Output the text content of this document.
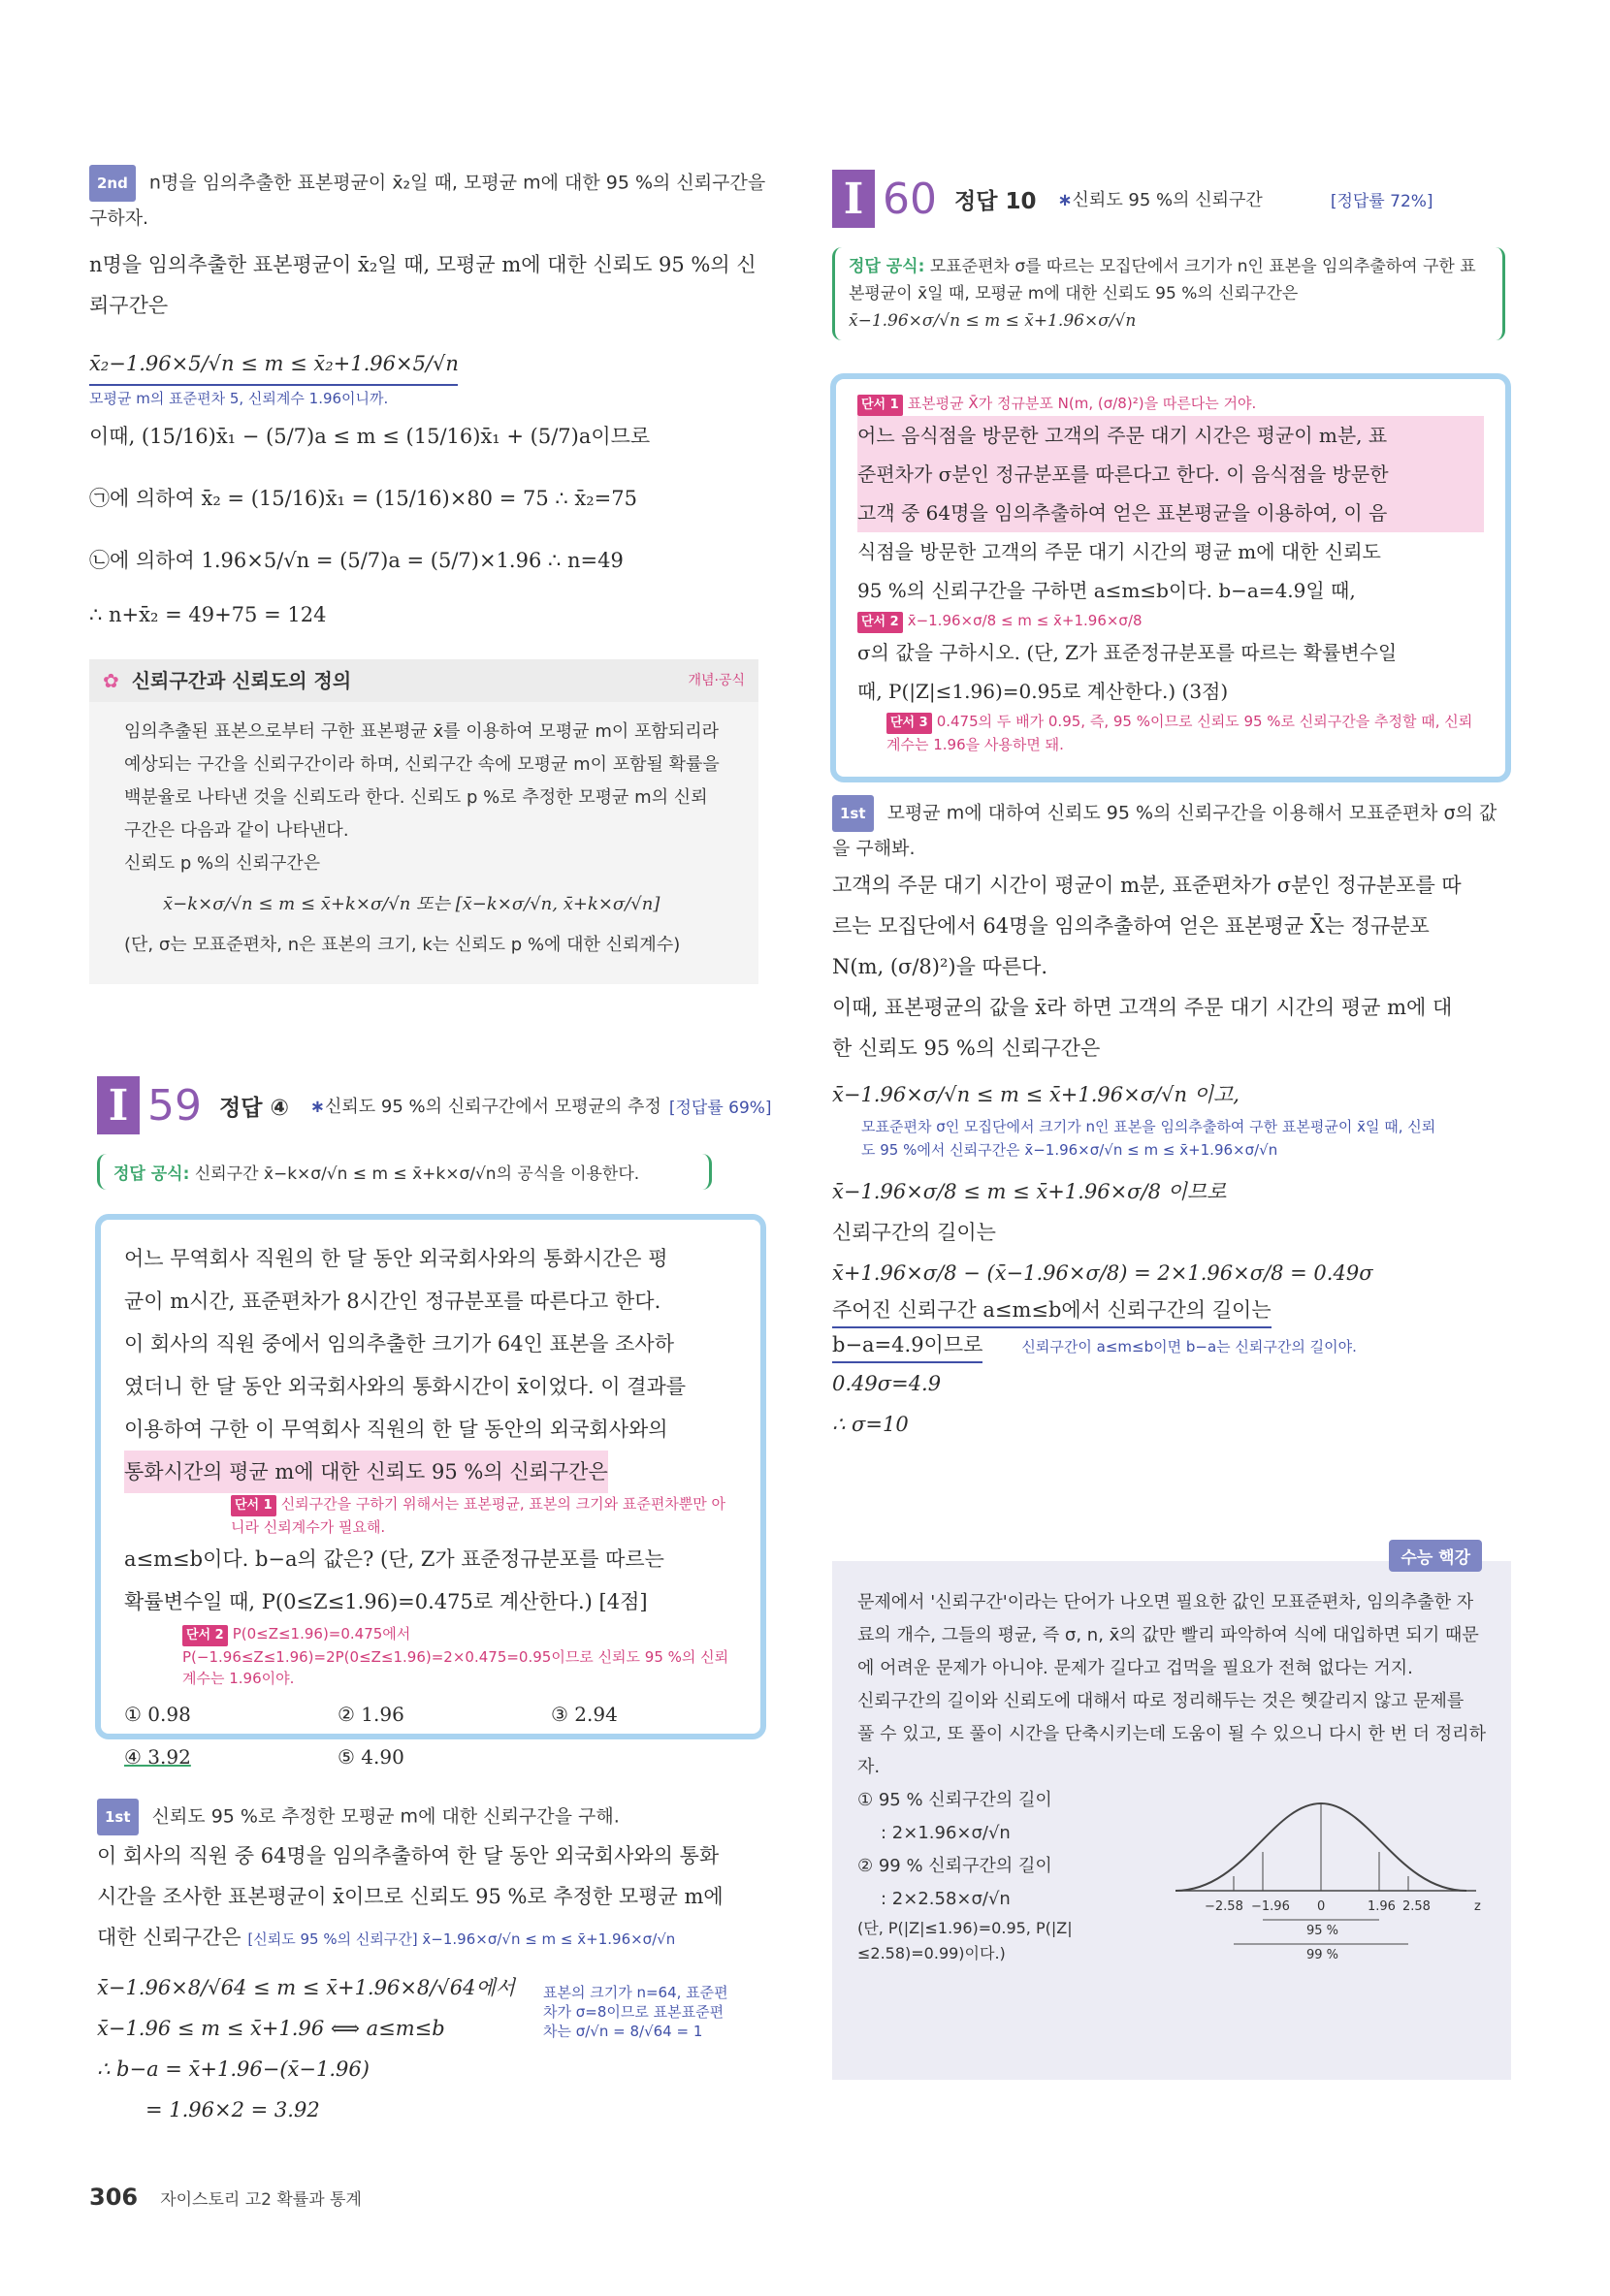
2nd n명을 임의추출한 표본평균이 x̄₂일 때, 모평균 m에 대한 95 %의 신뢰구간을 구하자.

n명을 임의추출한 표본평균이 x̄₂일 때, 모평균 m에 대한 신뢰도 95 %의 신뢰구간은

x̄₂−1.96×5/√n ≤ m ≤ x̄₂+1.96×5/√n

모평균 m의 표준편차 5, 신뢰계수 1.96이니까.

이때, (15/16)x̄₁ − (5/7)a ≤ m ≤ (15/16)x̄₁ + (5/7)a이므로

㉠에 의하여 x̄₂ = (15/16)x̄₁ = (15/16)×80 = 75 ∴ x̄₂=75

㉡에 의하여 1.96×5/√n = (5/7)a = (5/7)×1.96 ∴ n=49

∴ n+x̄₂ = 49+75 = 124

✿ 신뢰구간과 신뢰도의 정의	개념·공식
임의추출된 표본으로부터 구한 표본평균 x̄를 이용하여 모평균 m이 포함되리라 예상되는 구간을 신뢰구간이라 하며, 신뢰구간 속에 모평균 m이 포함될 확률을 백분율로 나타낸 것을 신뢰도라 한다. 신뢰도 p %로 추정한 모평균 m의 신뢰구간은 다음과 같이 나타낸다.
신뢰도 p %의 신뢰구간은
x̄−k×σ/√n ≤ m ≤ x̄+k×σ/√n 또는 [x̄−k×σ/√n, x̄+k×σ/√n]
(단, σ는 모표준편차, n은 표본의 크기, k는 신뢰도 p %에 대한 신뢰계수)
I 59 정답 ④ ∗신뢰도 95 %의 신뢰구간에서 모평균의 추정 [정답률 69%]
정답 공식: 신뢰구간 x̄−k×σ/√n ≤ m ≤ x̄+k×σ/√n의 공식을 이용한다.
어느 무역회사 직원의 한 달 동안 외국회사와의 통화시간은 평
균이 m시간, 표준편차가 8시간인 정규분포를 따른다고 한다.
이 회사의 직원 중에서 임의추출한 크기가 64인 표본을 조사하
였더니 한 달 동안 외국회사와의 통화시간이 x̄이었다. 이 결과를
이용하여 구한 이 무역회사 직원의 한 달 동안의 외국회사와의
통화시간의 평균 m에 대한 신뢰도 95 %의 신뢰구간은
단서 1 신뢰구간을 구하기 위해서는 표본평균, 표본의 크기와 표준편차뿐만 아니라 신뢰계수가 필요해.
a≤m≤b이다. b−a의 값은? (단, Z가 표준정규분포를 따르는
확률변수일 때, P(0≤Z≤1.96)=0.475로 계산한다.) [4점]
단서 2 P(0≤Z≤1.96)=0.475에서 P(−1.96≤Z≤1.96)=2P(0≤Z≤1.96)=2×0.475=0.95이므로 신뢰도 95 %의 신뢰계수는 1.96이야.
① 0.98	② 1.96	③ 2.94
④ 3.92	⑤ 4.90
1st 신뢰도 95 %로 추정한 모평균 m에 대한 신뢰구간을 구해.

이 회사의 직원 중 64명을 임의추출하여 한 달 동안 외국회사와의 통화

시간을 조사한 표본평균이 x̄이므로 신뢰도 95 %로 추정한 모평균 m에

대한 신뢰구간은 [신뢰도 95 %의 신뢰구간] x̄−1.96×σ/√n ≤ m ≤ x̄+1.96×σ/√n

x̄−1.96×8/√64 ≤ m ≤ x̄+1.96×8/√64에서

x̄−1.96 ≤ m ≤ x̄+1.96 ⟺ a≤m≤b

표본의 크기가 n=64, 표준편차가 σ=8이므로 표본표준편차는 σ/√n = 8/√64 = 1

∴ b−a = x̄+1.96−(x̄−1.96)

= 1.96×2 = 3.92

I 60 정답 10 ∗신뢰도 95 %의 신뢰구간	[정답률 72%]
정답 공식: 모표준편차 σ를 따르는 모집단에서 크기가 n인 표본을 임의추출하여 구한 표본평균이 x̄일 때, 모평균 m에 대한 신뢰도 95 %의 신뢰구간은
x̄−1.96×σ/√n ≤ m ≤ x̄+1.96×σ/√n
단서 1 표본평균 X̄가 정규분포 N(m, (σ/8)²)을 따른다는 거야.
어느 음식점을 방문한 고객의 주문 대기 시간은 평균이 m분, 표
준편차가 σ분인 정규분포를 따른다고 한다. 이 음식점을 방문한
고객 중 64명을 임의추출하여 얻은 표본평균을 이용하여, 이 음
식점을 방문한 고객의 주문 대기 시간의 평균 m에 대한 신뢰도
95 %의 신뢰구간을 구하면 a≤m≤b이다. b−a=4.9일 때,
단서 2 x̄−1.96×σ/8 ≤ m ≤ x̄+1.96×σ/8
σ의 값을 구하시오. (단, Z가 표준정규분포를 따르는 확률변수일
때, P(|Z|≤1.96)=0.95로 계산한다.) (3점)
단서 3 0.475의 두 배가 0.95, 즉, 95 %이므로 신뢰도 95 %로 신뢰구간을 추정할 때, 신뢰계수는 1.96을 사용하면 돼.
1st 모평균 m에 대하여 신뢰도 95 %의 신뢰구간을 이용해서 모표준편차 σ의 값을 구해봐.

고객의 주문 대기 시간이 평균이 m분, 표준편차가 σ분인 정규분포를 따

르는 모집단에서 64명을 임의추출하여 얻은 표본평균 X̄는 정규분포

N(m, (σ/8)²)을 따른다.

이때, 표본평균의 값을 x̄라 하면 고객의 주문 대기 시간의 평균 m에 대

한 신뢰도 95 %의 신뢰구간은

x̄−1.96×σ/√n ≤ m ≤ x̄+1.96×σ/√n 이고,

모표준편차 σ인 모집단에서 크기가 n인 표본을 임의추출하여 구한 표본평균이 x̄일 때, 신뢰도 95 %에서 신뢰구간은 x̄−1.96×σ/√n ≤ m ≤ x̄+1.96×σ/√n

x̄−1.96×σ/8 ≤ m ≤ x̄+1.96×σ/8 이므로

신뢰구간의 길이는

x̄+1.96×σ/8 − (x̄−1.96×σ/8) = 2×1.96×σ/8 = 0.49σ

주어진 신뢰구간 a≤m≤b에서 신뢰구간의 길이는

b−a=4.9이므로	신뢰구간이 a≤m≤b이면 b−a는 신뢰구간의 길이야.

0.49σ=4.9

∴ σ=10

수능 핵강
문제에서 '신뢰구간'이라는 단어가 나오면 필요한 값인 모표준편차, 임의추출한 자료의 개수, 그들의 평균, 즉 σ, n, x̄의 값만 빨리 파악하여 식에 대입하면 되기 때문에 어려운 문제가 아니야. 문제가 길다고 겁먹을 필요가 전혀 없다는 거지.
신뢰구간의 길이와 신뢰도에 대해서 따로 정리해두는 것은 헷갈리지 않고 문제를 풀 수 있고, 또 풀이 시간을 단축시키는데 도움이 될 수 있으니 다시 한 번 더 정리하자.
① 95 % 신뢰구간의 길이
: 2×1.96×σ/√n
② 99 % 신뢰구간의 길이
: 2×2.58×σ/√n
(단, P(|Z|≤1.96)=0.95, P(|Z|≤2.58)=0.99)이다.)
−2.58 −1.96 0	1.96 2.58	z
95 %
99 %
306 자이스토리 고2 확률과 통계
